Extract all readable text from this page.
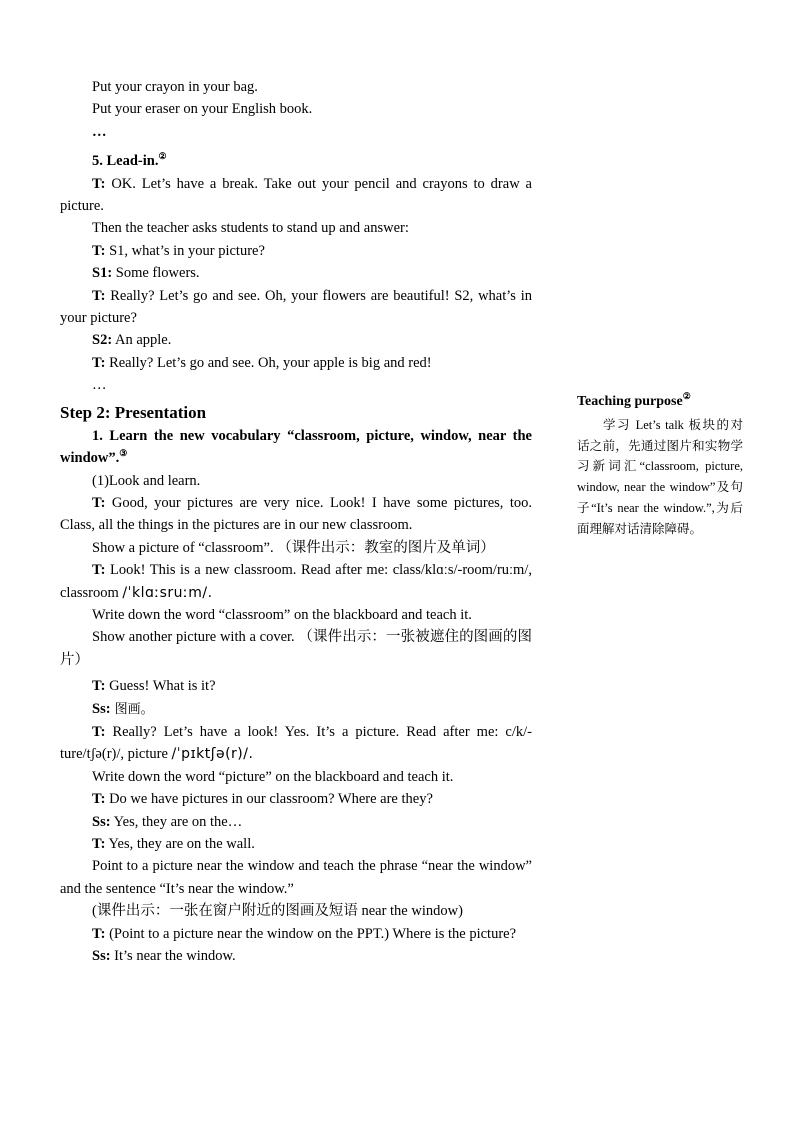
Put your crayon in your bag.

Put your eraser on your English book.

…

5. Lead-in.②

T: OK. Let’s have a break. Take out your pencil and crayons to draw a picture.

Then the teacher asks students to stand up and answer:

T: S1, what’s in your picture?

S1: Some flowers.

T: Really? Let’s go and see. Oh, your flowers are beautiful! S2, what’s in your picture?

S2: An apple.

T: Really? Let’s go and see. Oh, your apple is big and red!

…

Step 2: Presentation

1. Learn the new vocabulary “classroom, picture, window, near the window”.③

(1)Look and learn.

T: Good, your pictures are very nice. Look! I have some pictures, too. Class, all the things in the pictures are in our new classroom.

Show a picture of “classroom”. （课件出示：教室的图片及单词）

T: Look! This is a new classroom. Read after me: class/klɑːs/-room/ruːm/, classroom /ˈklɑːsruːm/.

Write down the word “classroom” on the blackboard and teach it.

Show another picture with a cover. （课件出示：一张被遮住的图画的图片）

T: Guess! What is it?

Ss: 图画。

T: Really? Let’s have a look! Yes. It’s a picture. Read after me: c/k/-ture/tʃə(r)/, picture /ˈpɪktʃə(r)/.

Write down the word “picture” on the blackboard and teach it.

T: Do we have pictures in our classroom? Where are they?

Ss: Yes, they are on the…

T: Yes, they are on the wall.

Point to a picture near the window and teach the phrase “near the window” and the sentence “It’s near the window.”

(课件出示：一张在窗户附近的图画及短语 near the window)

T: (Point to a picture near the window on the PPT.) Where is the picture?

Ss: It’s near the window.

Teaching purpose②

学习 Let’s talk 板块的对话之前，先通过图片和实物学习新词汇“classroom, picture, window, near the window”及句子“It’s near the window.”,为后面理解对话清除障碍。
